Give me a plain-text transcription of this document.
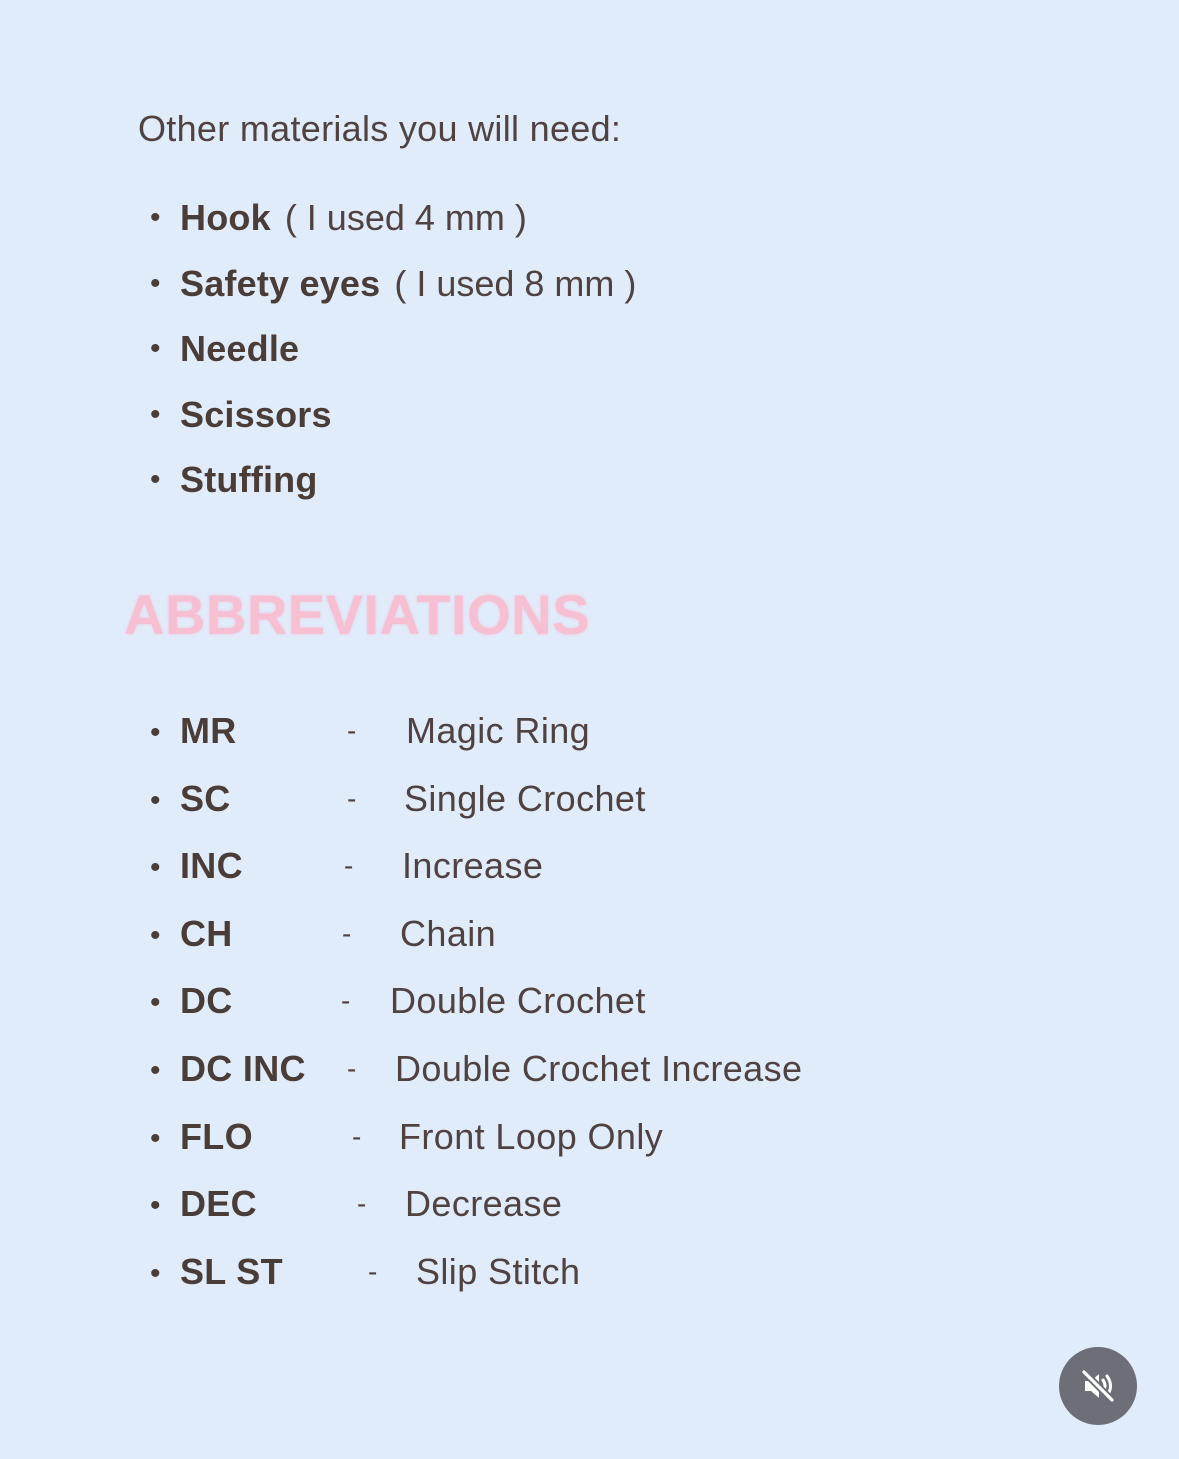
Other materials you will need:
• Hook ( I used 4 mm )
• Safety eyes ( I used 8 mm )
• Needle
• Scissors
• Stuffing
ABBREVIATIONS
• MR	- Magic Ring
• SC	- Single Crochet
• INC	- Increase
• CH	- Chain
• DC	- Double Crochet
• DC INC - Double Crochet Increase
• FLO	- Front Loop Only
• DEC	- Decrease
• SL ST	- Slip Stitch
